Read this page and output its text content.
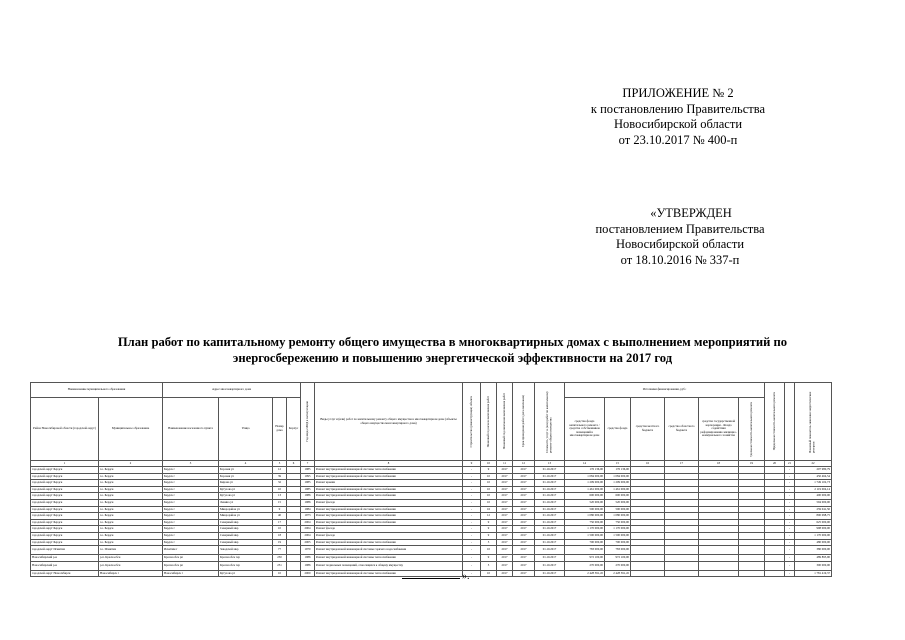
ПРИЛОЖЕНИЕ № 2
к постановлению Правительства
Новосибирской области
от 23.10.2017 № 400-п
«УТВЕРЖДЕН
постановлением Правительства
Новосибирской области
от 18.10.2016 № 337-п
План работ по капитальному ремонту общего имущества в многоквартирных домах с выполнением мероприятий по
энергосбережению и повышению энергетической эффективности на 2017 год
Наименование муниципального образования		Адрес многоквартирного дома				Год ввода МКД в эксплуатацию	Виды услуг и (или) работ по капитальному ремонту общего имущества в многоквартирном доме (объекты общего имущества многоквартирного дома)	Строительство (реконструкция) объекта	Плановый год начала выполнения работ	Плановый год окончания выполнения работ	Срок проведения работ (дата окончания)	Стоимость услуг и (или) работ по капитальному ремонту общего имущества	Источники финансирования, руб.:						Предельная стоимость капитального ремонта		Плановый показатель экономии энергетических ресурсов

Район Новосибирской области (городской округ)	Муниципальное образование	Наименование населенного пункта	Улица	Номер дома	Корпус								средства фонда капитального ремонта / средства собственников помещений в многоквартирном доме	средства фонда	средства местного бюджета	средства областного бюджета	средства государственной корпорации - Фонда содействия реформированию жилищно-коммунального хозяйства	Удельная стоимость капитального ремонта			

1	2	3	4	5	6	7	8	9	10	11	12	13	14	15	16	17	18	19	20	21	22
городской округ Бердск	г.о. Бердск	Бердск г	Боровая ул	12		1985	Ремонт внутридомовой инженерной системы теплоснабжения	-	9	2017	2017	01.10.2017	176 136,00	176 136,00						-	207 980,79
городской округ Бердск	г.о. Бердск	Бердск г	Боровая ул	39		1995	Ремонт внутридомовой инженерной системы теплоснабжения	-	10	2017	2017	01.10.2017	1 084 000,00	1 084 000,00						-	450 464,54
городской округ Бердск	г.о. Бердск	Бердск г	Кирова ул	32		1985	Ремонт крыши	-	10	2017	2017	01.10.2017	1 209 000,00	1 209 000,00						-	1 749 102,73
городской округ Бердск	г.о. Бердск	Бердск г	Кутузова ул	10		1985	Ремонт внутридомовой инженерной системы теплоснабжения	-	10	2017	2017	01.10.2017	1 461 000,00	1 461 000,00						-	2 119 004,14
городской округ Бердск	г.о. Бердск	Бердск г	Кутузова ул	13		1986	Ремонт внутридомовой инженерной системы теплоснабжения	-	10	2017	2017	01.10.2017	600 000,00	600 000,00						-	400 000,00
городской округ Бердск	г.о. Бердск	Бердск г	Ленина ул	15		1986	Ремонт фасада	-	10	2017	2017	01.10.2017	520 000,00	520 000,00						-	594 000,00
городской округ Бердск	г.о. Бердск	Бердск г	Микрорайон ул	9		1984	Ремонт внутридомовой инженерной системы теплоснабжения	-	16	2017	2017	01.10.2017	500 000,00	500 000,00						-	259 041,50
городской округ Бердск	г.о. Бердск	Бердск г	Микрорайон ул	40		1973	Ремонт внутридомовой инженерной системы теплоснабжения	-	12	2017	2017	01.10.2017	1 080 000,00	1 080 000,00						-	800 098,75
городской округ Бердск	г.о. Бердск	Бердск г	Северный мкр	17		2004	Ремонт внутридомовой инженерной системы теплоснабжения	-	9	2017	2017	01.10.2017	750 000,00	750 000,00						-	625 000,00
городской округ Бердск	г.о. Бердск	Бердск г	Северный мкр	10		2004	Ремонт фасада	-	9	2017	2017	01.10.2017	1 170 000,00	1 170 000,00						-	998 000,00
городской округ Бердск	г.о. Бердск	Бердск г	Северный мкр	18		2004	Ремонт фасада	-	9	2017	2017	01.10.2017	1 500 000,00	1 500 000,00						-	1 170 000,00
городской округ Бердск	г.о. Бердск	Бердск г	Северный мкр	19		2005	Ремонт внутридомовой инженерной системы теплоснабжения	-	5	2017	2017	01.10.2017	700 000,00	700 000,00						-	480 000,00
городской округ Искитим	г.о. Искитим	Искитим г	Заводской мкр	77		1970	Ремонт внутридомовой инженерной системы горячего водоснабжения	-	10	2017	2017	01.10.2017	783 000,00	783 000,00						-	380 000,00
Новосибирский р-н	р.п. Краснообск	Краснообск рп	Краснообск тер	250		1986	Ремонт внутридомовой инженерной системы теплоснабжения	-	9	2017	2017	01.10.2017	972 100,00	972 100,00						-	489 895,90
Новосибирский р-н	р.п. Краснообск	Краснообск рп	Краснообск тер	251		1986	Ремонт подвальных помещений, относящихся к общему имуществу	-	5	2017	2017	01.10.2017	270 000,00	270 000,00						-	300 000,00
городской округ Новосибирск	Новосибирск г	Новосибирск г	Кутузова ул	10		2000	Ремонт внутридомовой инженерной системы теплоснабжения	-	10	2017	2017	01.10.2017	2 428 391,45	2 428 391,45						-	1 781 419,37
».
